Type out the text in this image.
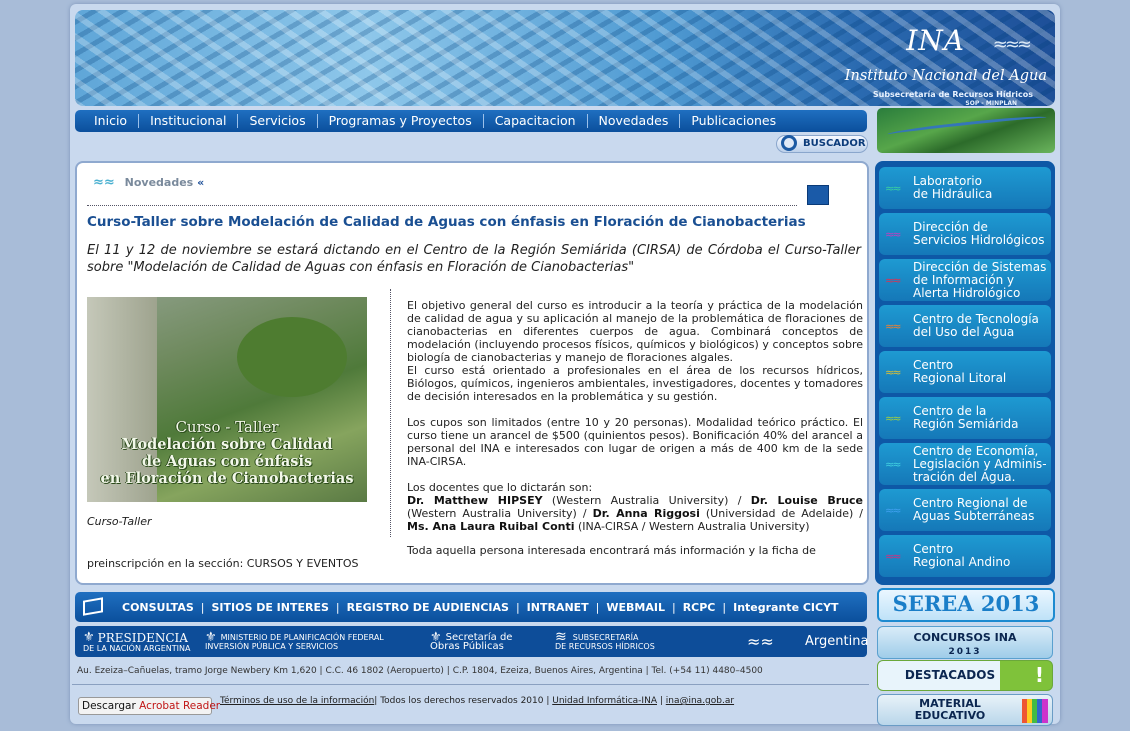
INA ≈≈≈
Instituto Nacional del Agua
Subsecretaría de Recursos Hídricos
SOP - MINPLAN
Inicio	Institucional	Servicios	Programas y Proyectos	Capacitacion	Novedades	Publicaciones
BUSCADOR
≈≈ Novedades «
Curso-Taller sobre Modelación de Calidad de Aguas con énfasis en Floración de Cianobacterias
El 11 y 12 de noviembre se estará dictando en el Centro de la Región Semiárida (CIRSA) de Córdoba el Curso-Taller sobre "Modelación de Calidad de Aguas con énfasis en Floración de Cianobacterias"
Curso - Taller
Modelación sobre Calidad
de Aguas con énfasis
en Floración de Cianobacterias
Curso-Taller

El objetivo general del curso es introducir a la teoría y práctica de la modelación de calidad de agua y su aplicación al manejo de la problemática de floraciones de cianobacterias en diferentes cuerpos de agua. Combinará conceptos de modelación (incluyendo procesos físicos, químicos y biológicos) y conceptos sobre biología de cianobacterias y manejo de floraciones algales.
El curso está orientado a profesionales en el área de los recursos hídricos, Biólogos, químicos, ingenieros ambientales, investigadores, docentes y tomadores de decisión interesados en la problemática y su gestión.

Los cupos son limitados (entre 10 y 20 personas). Modalidad teórico práctico. El curso tiene un arancel de $500 (quinientos pesos). Bonificación 40% del arancel a personal del INA e interesados con lugar de origen a más de 400 km de la sede INA-CIRSA.

Los docentes que lo dictarán son:
Dr. Matthew HIPSEY (Western Australia University) / Dr. Louise Bruce (Western Australia University) / Dr. Anna Riggosi (Universidad de Adelaide) / Ms. Ana Laura Ruibal Conti (INA-CIRSA / Western Australia University)

Toda aquella persona interesada encontrará más información y la ficha de
preinscripción en la sección: CURSOS Y EVENTOS
≈≈
Laboratorio
de Hidráulica
≈≈
Dirección de
Servicios Hidrológicos
≈≈
Dirección de Sistemas
de Información y
Alerta Hidrológico
≈≈
Centro de Tecnología
del Uso del Agua
≈≈
Centro
Regional Litoral
≈≈
Centro de la
Región Semiárida
≈≈
Centro de Economía,
Legislación y Adminis-
tración del Agua.
≈≈
Centro Regional de
Aguas Subterráneas
≈≈
Centro
Regional Andino
CONSULTAS | SITIOS DE INTERES | REGISTRO DE AUDIENCIAS | INTRANET | WEBMAIL | RCPC | Integrante CICYT
⚜ PRESIDENCIA
DE LA NACIÓN ARGENTINA
⚜ MINISTERIO DE PLANIFICACIÓN FEDERAL
INVERSIÓN PÚBLICA Y SERVICIOS
⚜ Secretaría de
Obras Públicas
≋ SUBSECRETARÍA
DE RECURSOS HÍDRICOS	≈≈ Argentina
Au. Ezeiza–Cañuelas, tramo Jorge Newbery Km 1,620 | C.C. 46 1802 (Aeropuerto) | C.P. 1804, Ezeiza, Buenos Aires, Argentina | Tel. (+54 11) 4480–4500
Descargar Acrobat Reader Términos de uso de la información| Todos los derechos reservados 2010 | Unidad Informática-INA | ina@ina.gob.ar
SEREA 2013
CONCURSOS INA
2013
DESTACADOS !
MATERIAL
EDUCATIVO
